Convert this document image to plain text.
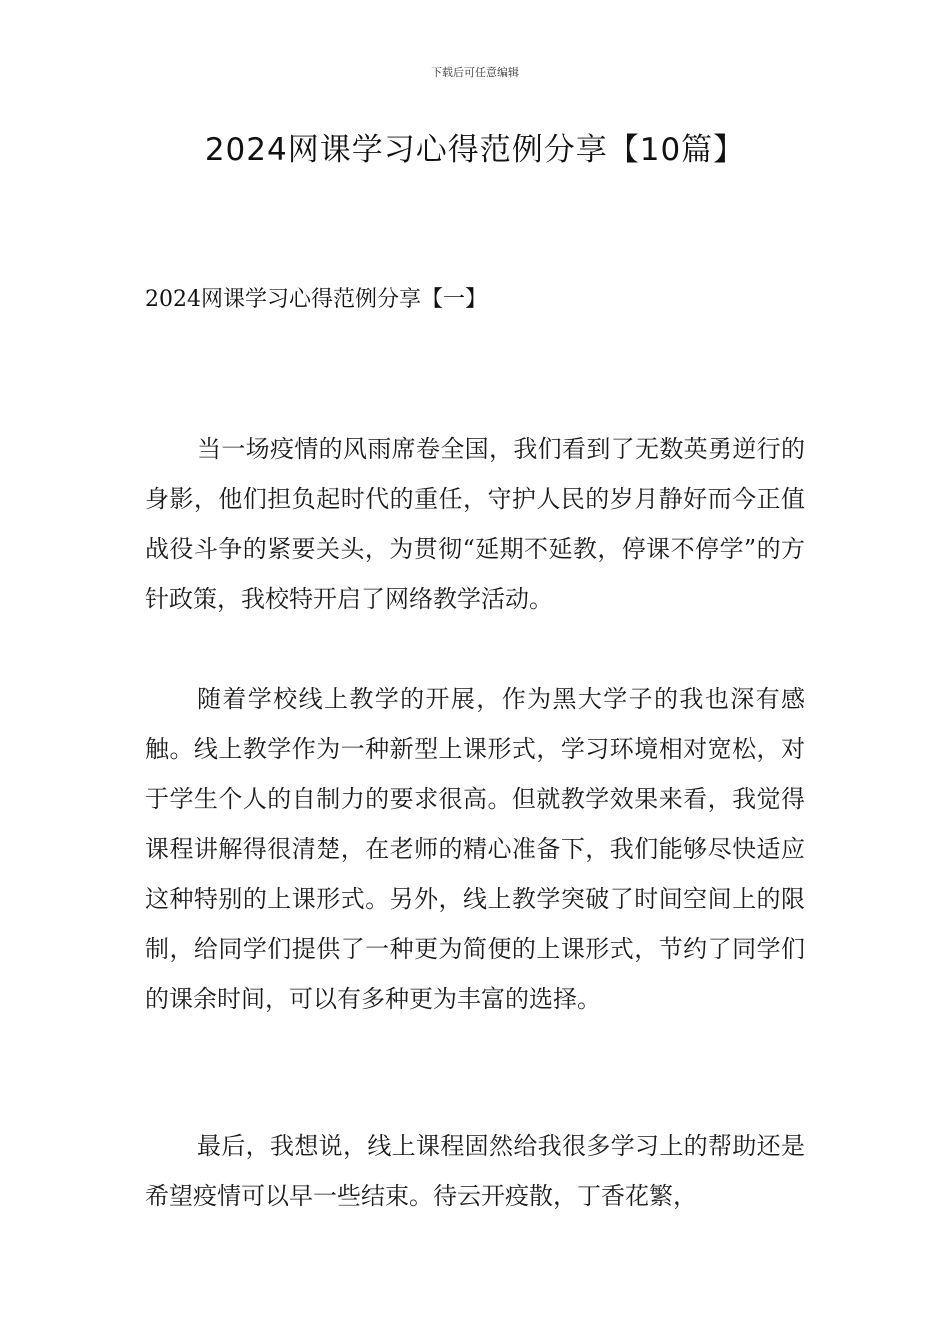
下载后可任意编辑
2024网课学习心得范例分享【10篇】
2024网课学习心得范例分享【一】

当一场疫情的风雨席卷全国，我们看到了无数英勇逆行的身影，他们担负起时代的重任，守护人民的岁月静好而今正值战役斗争的紧要关头，为贯彻“延期不延教，停课不停学”的方针政策，我校特开启了网络教学活动。

随着学校线上教学的开展，作为黑大学子的我也深有感触。线上教学作为一种新型上课形式，学习环境相对宽松，对于学生个人的自制力的要求很高。但就教学效果来看，我觉得课程讲解得很清楚，在老师的精心准备下，我们能够尽快适应这种特别的上课形式。另外，线上教学突破了时间空间上的限制，给同学们提供了一种更为简便的上课形式，节约了同学们的课余时间，可以有多种更为丰富的选择。

最后，我想说，线上课程固然给我很多学习上的帮助还是希望疫情可以早一些结束。待云开疫散，丁香花繁，
